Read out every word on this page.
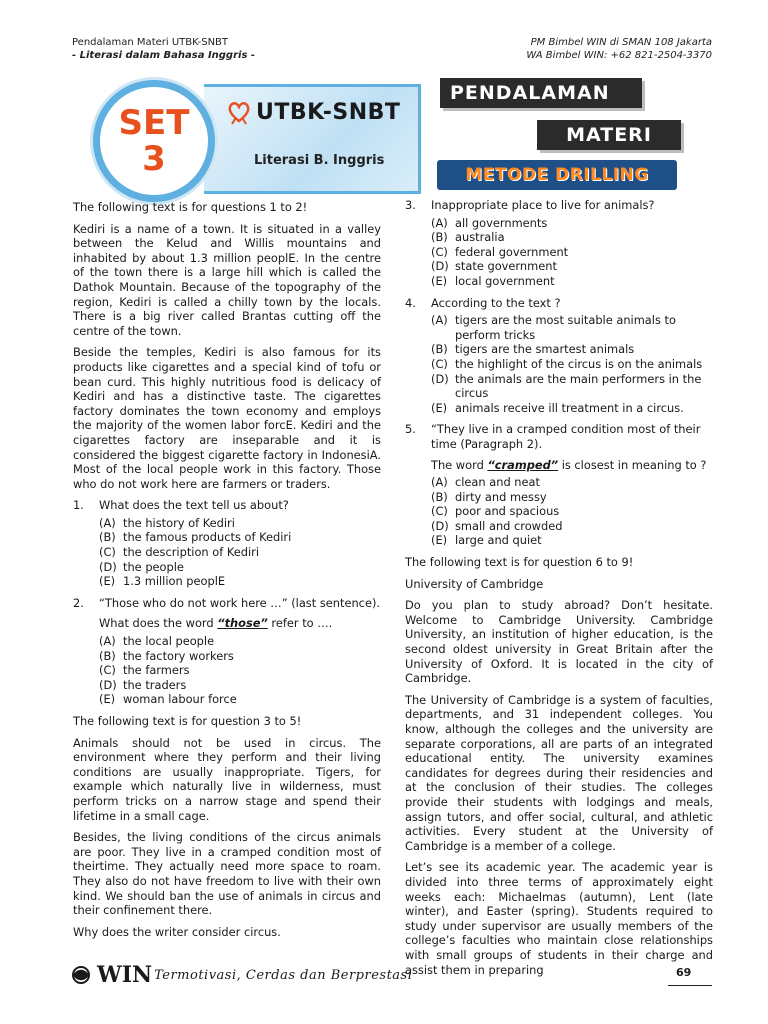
Pendalaman Materi UTBK-SNBT
- Literasi dalam Bahasa Inggris -
PM Bimbel WIN di SMAN 108 Jakarta
WA Bimbel WIN: +62 821-2504-3370
UTBK-SNBT
Literasi B. Inggris
SET
3
PENDALAMAN
MATERI
METODE DRILLING

The following text is for questions 1 to 2!

Kediri is a name of a town. It is situated in a valley between the Kelud and Willis mountains and inhabited by about 1.3 million peoplE. In the centre of the town there is a large hill which is called the Dathok Mountain. Because of the topography of the region, Kediri is called a chilly town by the locals. There is a big river called Brantas cutting off the centre of the town.

Beside the temples, Kediri is also famous for its products like cigarettes and a special kind of tofu or bean curd. This highly nutritious food is delicacy of Kediri and has a distinctive taste. The cigarettes factory dominates the town economy and employs the majority of the women labor forcE. Kediri and the cigarettes factory are inseparable and it is considered the biggest cigarette factory in IndonesiA. Most of the local people work in this factory. Those who do not work here are farmers or traders.

1.	What does the text tell us about?
(A) the history of Kediri
(B) the famous products of Kediri
(C) the description of Kediri
(D) the people
(E) 1.3 million peoplE
2.	“Those who do not work here …” (last sentence).
What does the word “those” refer to ….
(A) the local people
(B) the factory workers
(C) the farmers
(D) the traders
(E) woman labour force

The following text is for question 3 to 5!

Animals should not be used in circus. The environment where they perform and their living conditions are usually inappropriate. Tigers, for example which naturally live in wilderness, must perform tricks on a narrow stage and spend their lifetime in a small cage.

Besides, the living conditions of the circus animals are poor. They live in a cramped condition most of theirtime. They actually need more space to roam. They also do not have freedom to live with their own kind. We should ban the use of animals in circus and their confinement there.

Why does the writer consider circus.

3.	Inappropriate place to live for animals?
(A) all governments
(B) australia
(C) federal government
(D) state government
(E) local government
4.	According to the text ?
(A) tigers are the most suitable animals to perform tricks
(B) tigers are the smartest animals
(C) the highlight of the circus is on the animals
(D) the animals are the main performers in the circus
(E) animals receive ill treatment in a circus.
5.	“They live in a cramped condition most of their time (Paragraph 2).
The word “cramped” is closest in meaning to ?
(A) clean and neat
(B) dirty and messy
(C) poor and spacious
(D) small and crowded
(E) large and quiet

The following text is for question 6 to 9!

University of Cambridge

Do you plan to study abroad? Don’t hesitate. Welcome to Cambridge University. Cambridge University, an institution of higher education, is the second oldest university in Great Britain after the University of Oxford. It is located in the city of Cambridge.

The University of Cambridge is a system of faculties, departments, and 31 independent colleges. You know, although the colleges and the university are separate corporations, all are parts of an integrated educational entity. The university examines candidates for degrees during their residencies and at the conclusion of their studies. The colleges provide their students with lodgings and meals, assign tutors, and offer social, cultural, and athletic activities. Every student at the University of Cambridge is a member of a college.

Let’s see its academic year. The academic year is divided into three terms of approximately eight weeks each: Michaelmas (autumn), Lent (late winter), and Easter (spring). Students required to study under supervisor are usually members of the college’s faculties who maintain close relationships with small groups of students in their charge and assist them in preparing

WIN Termotivasi, Cerdas dan Berprestasi	69
